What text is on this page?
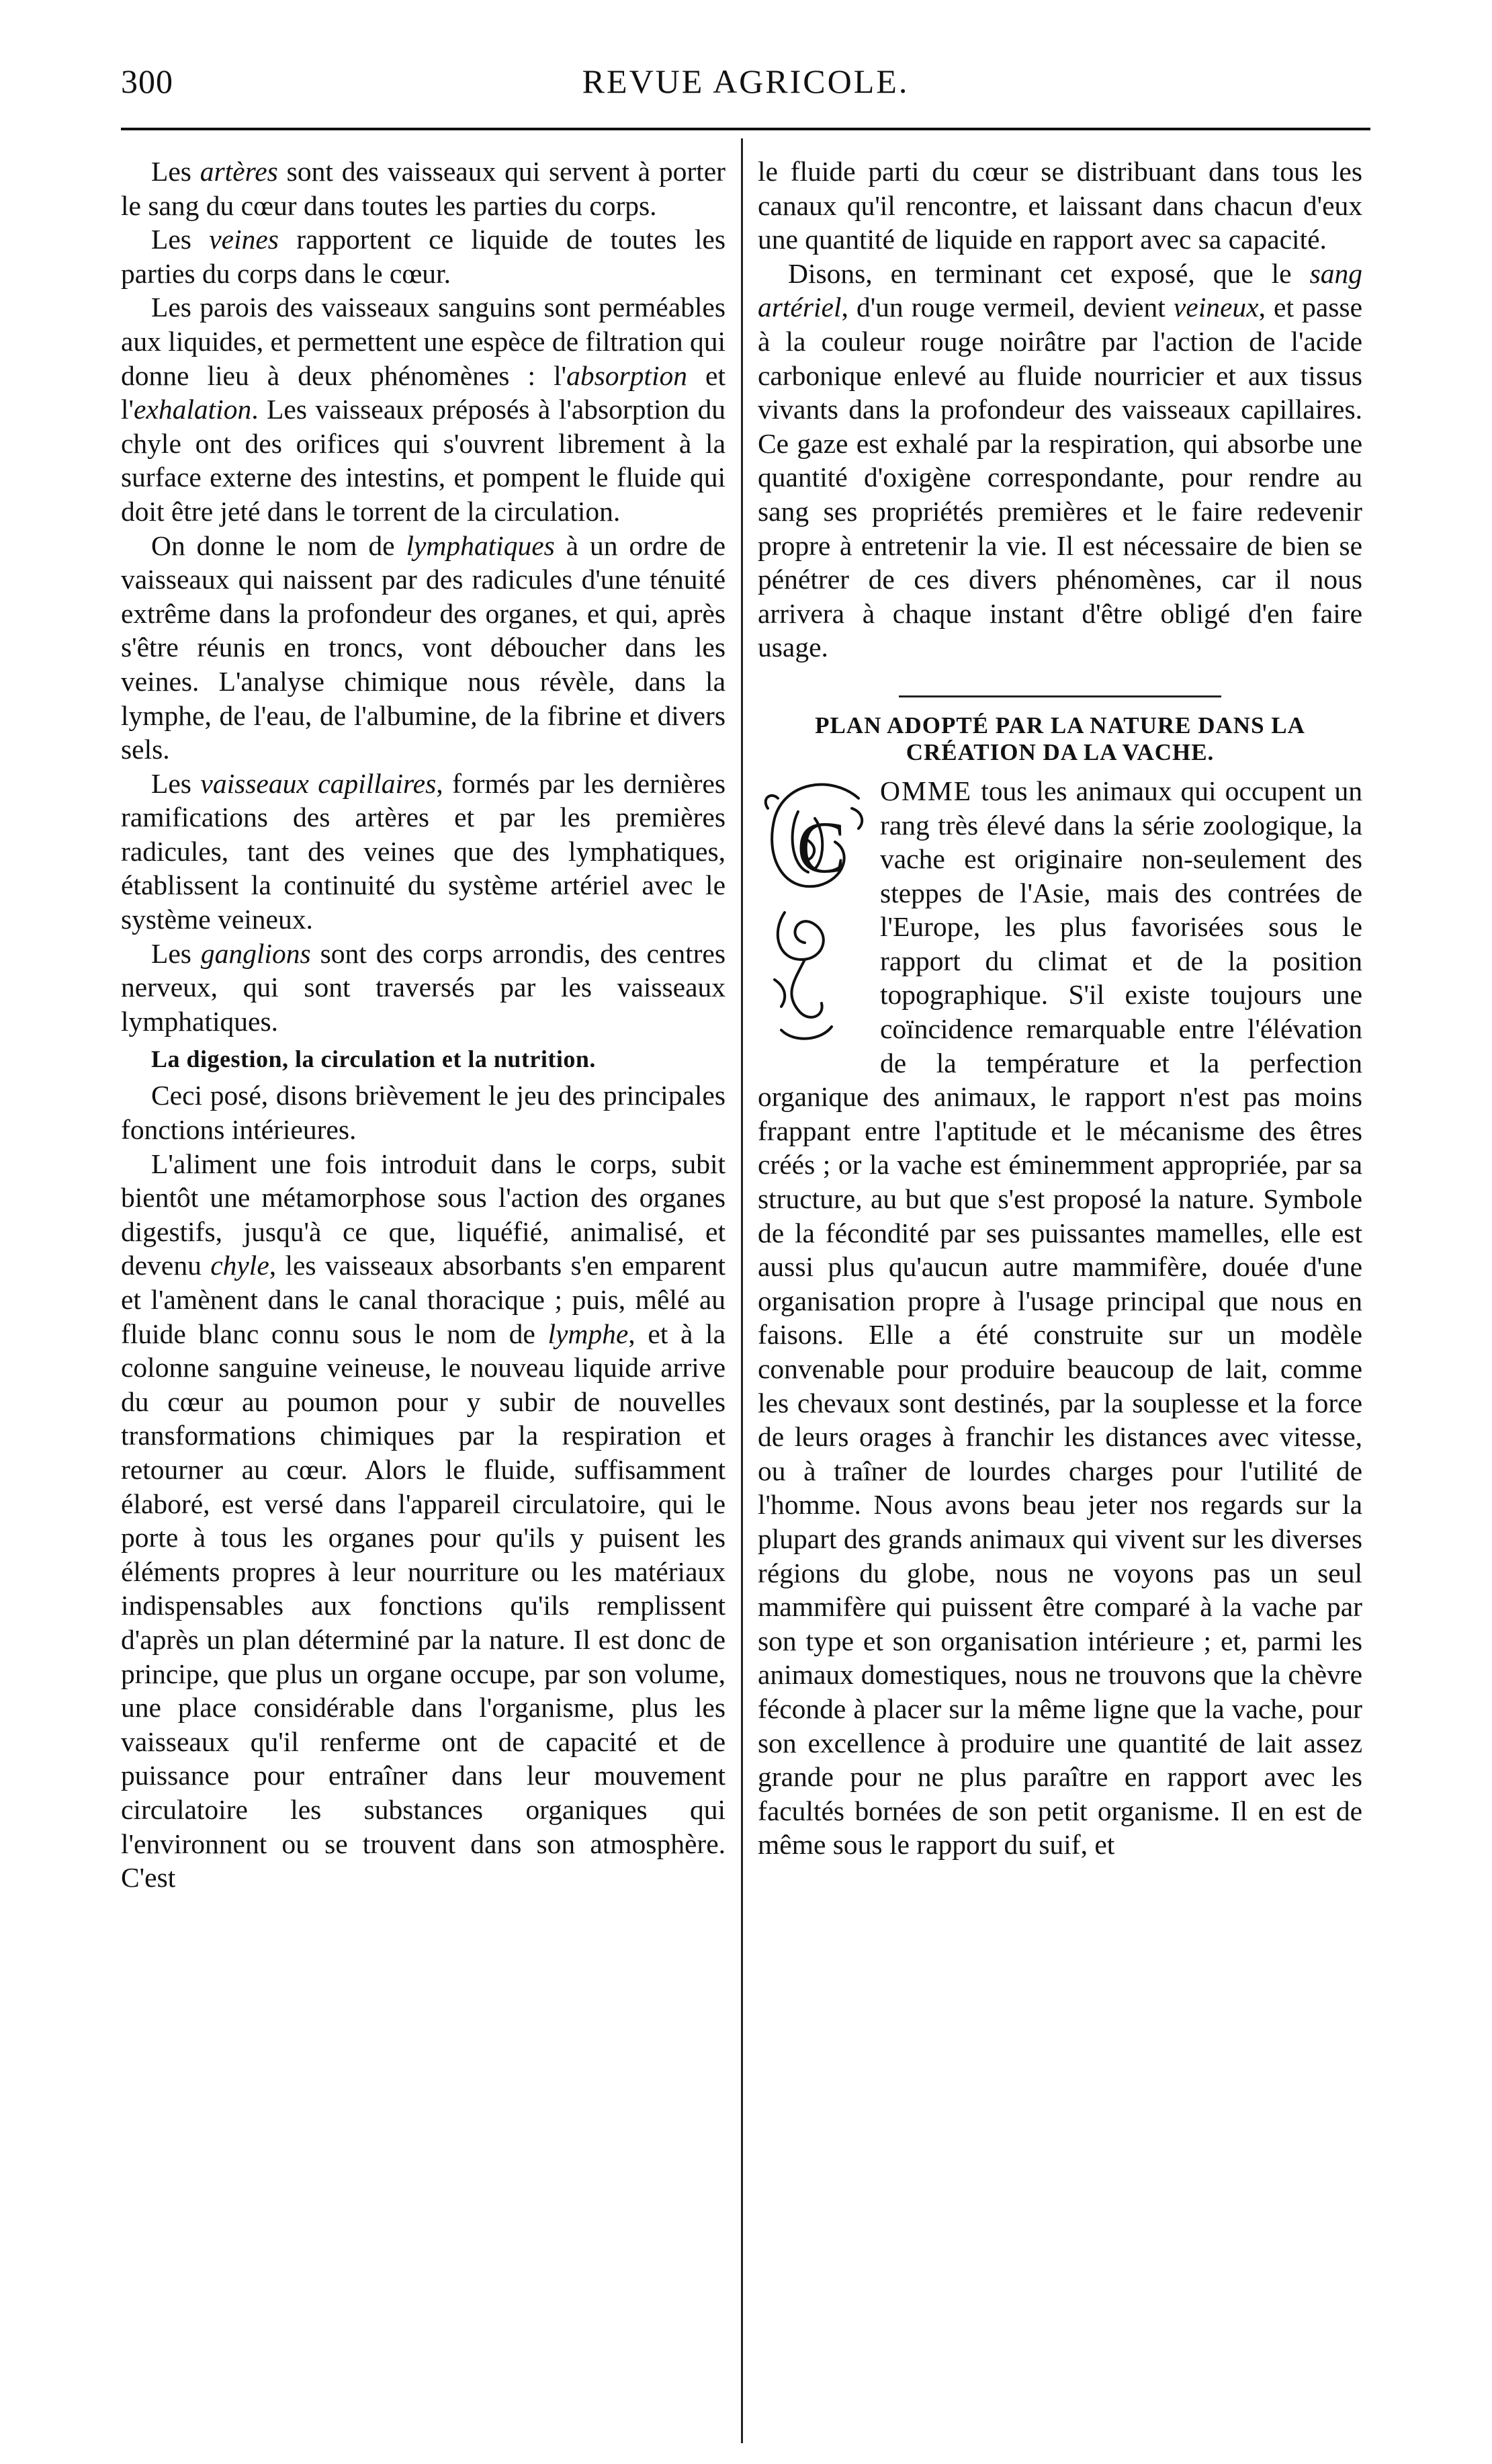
300	REVUE AGRICOLE.

Les artères sont des vaisseaux qui servent à porter le sang du cœur dans toutes les parties du corps.

Les veines rapportent ce liquide de toutes les parties du corps dans le cœur.

Les parois des vaisseaux sanguins sont perméables aux liquides, et permettent une espèce de filtration qui donne lieu à deux phénomènes : l'absorption et l'exhalation. Les vaisseaux préposés à l'absorption du chyle ont des orifices qui s'ouvrent librement à la surface externe des intestins, et pompent le fluide qui doit être jeté dans le torrent de la circulation.

On donne le nom de lymphatiques à un ordre de vaisseaux qui naissent par des radicules d'une ténuité extrême dans la profondeur des organes, et qui, après s'être réunis en troncs, vont déboucher dans les veines. L'analyse chimique nous révèle, dans la lymphe, de l'eau, de l'albumine, de la fibrine et divers sels.

Les vaisseaux capillaires, formés par les dernières ramifications des artères et par les premières radicules, tant des veines que des lymphatiques, établissent la continuité du système artériel avec le système veineux.

Les ganglions sont des corps arrondis, des centres nerveux, qui sont traversés par les vaisseaux lymphatiques.

La digestion, la circulation et la nutrition.

Ceci posé, disons brièvement le jeu des principales fonctions intérieures.

L'aliment une fois introduit dans le corps, subit bientôt une métamorphose sous l'action des organes digestifs, jusqu'à ce que, liquéfié, animalisé, et devenu chyle, les vaisseaux absorbants s'en emparent et l'amènent dans le canal thoracique ; puis, mêlé au fluide blanc connu sous le nom de lymphe, et à la colonne sanguine veineuse, le nouveau liquide arrive du cœur au poumon pour y subir de nouvelles transformations chimiques par la respiration et retourner au cœur. Alors le fluide, suffisamment élaboré, est versé dans l'appareil circulatoire, qui le porte à tous les organes pour qu'ils y puisent les éléments propres à leur nourriture ou les matériaux indispensables aux fonctions qu'ils remplissent d'après un plan déterminé par la nature. Il est donc de principe, que plus un organe occupe, par son volume, une place considérable dans l'organisme, plus les vaisseaux qu'il renferme ont de capacité et de puissance pour entraîner dans leur mouvement circulatoire les substances organiques qui l'environnent ou se trouvent dans son atmosphère. C'est

le fluide parti du cœur se distribuant dans tous les canaux qu'il rencontre, et laissant dans chacun d'eux une quantité de liquide en rapport avec sa capacité.

Disons, en terminant cet exposé, que le sang artériel, d'un rouge vermeil, devient veineux, et passe à la couleur rouge noirâtre par l'action de l'acide carbonique enlevé au fluide nourricier et aux tissus vivants dans la profondeur des vaisseaux capillaires. Ce gaze est exhalé par la respiration, qui absorbe une quantité d'oxigène correspondante, pour rendre au sang ses propriétés premières et le faire redevenir propre à entretenir la vie. Il est nécessaire de bien se pénétrer de ces divers phénomènes, car il nous arrivera à chaque instant d'être obligé d'en faire usage.

PLAN ADOPTÉ PAR LA NATURE DANS LA
CRÉATION DA LA VACHE.

C
OMME tous les animaux qui occupent un rang très élevé dans la série zoologique, la vache est originaire non-seulement des steppes de l'Asie, mais des contrées de l'Europe, les plus favorisées sous le rapport du climat et de la position topographique. S'il existe toujours une coïncidence remarquable entre l'élévation de la température et la perfection organique des animaux, le rapport n'est pas moins frappant entre l'aptitude et le mécanisme des êtres créés ; or la vache est éminemment appropriée, par sa structure, au but que s'est proposé la nature. Symbole de la fécondité par ses puissantes mamelles, elle est aussi plus qu'aucun autre mammifère, douée d'une organisation propre à l'usage principal que nous en faisons. Elle a été construite sur un modèle convenable pour produire beaucoup de lait, comme les chevaux sont destinés, par la souplesse et la force de leurs orages à franchir les distances avec vitesse, ou à traîner de lourdes charges pour l'utilité de l'homme. Nous avons beau jeter nos regards sur la plupart des grands animaux qui vivent sur les diverses régions du globe, nous ne voyons pas un seul mammifère qui puissent être comparé à la vache par son type et son organisation intérieure ; et, parmi les animaux domestiques, nous ne trouvons que la chèvre féconde à placer sur la même ligne que la vache, pour son excellence à produire une quantité de lait assez grande pour ne plus paraître en rapport avec les facultés bornées de son petit organisme. Il en est de même sous le rapport du suif, et
